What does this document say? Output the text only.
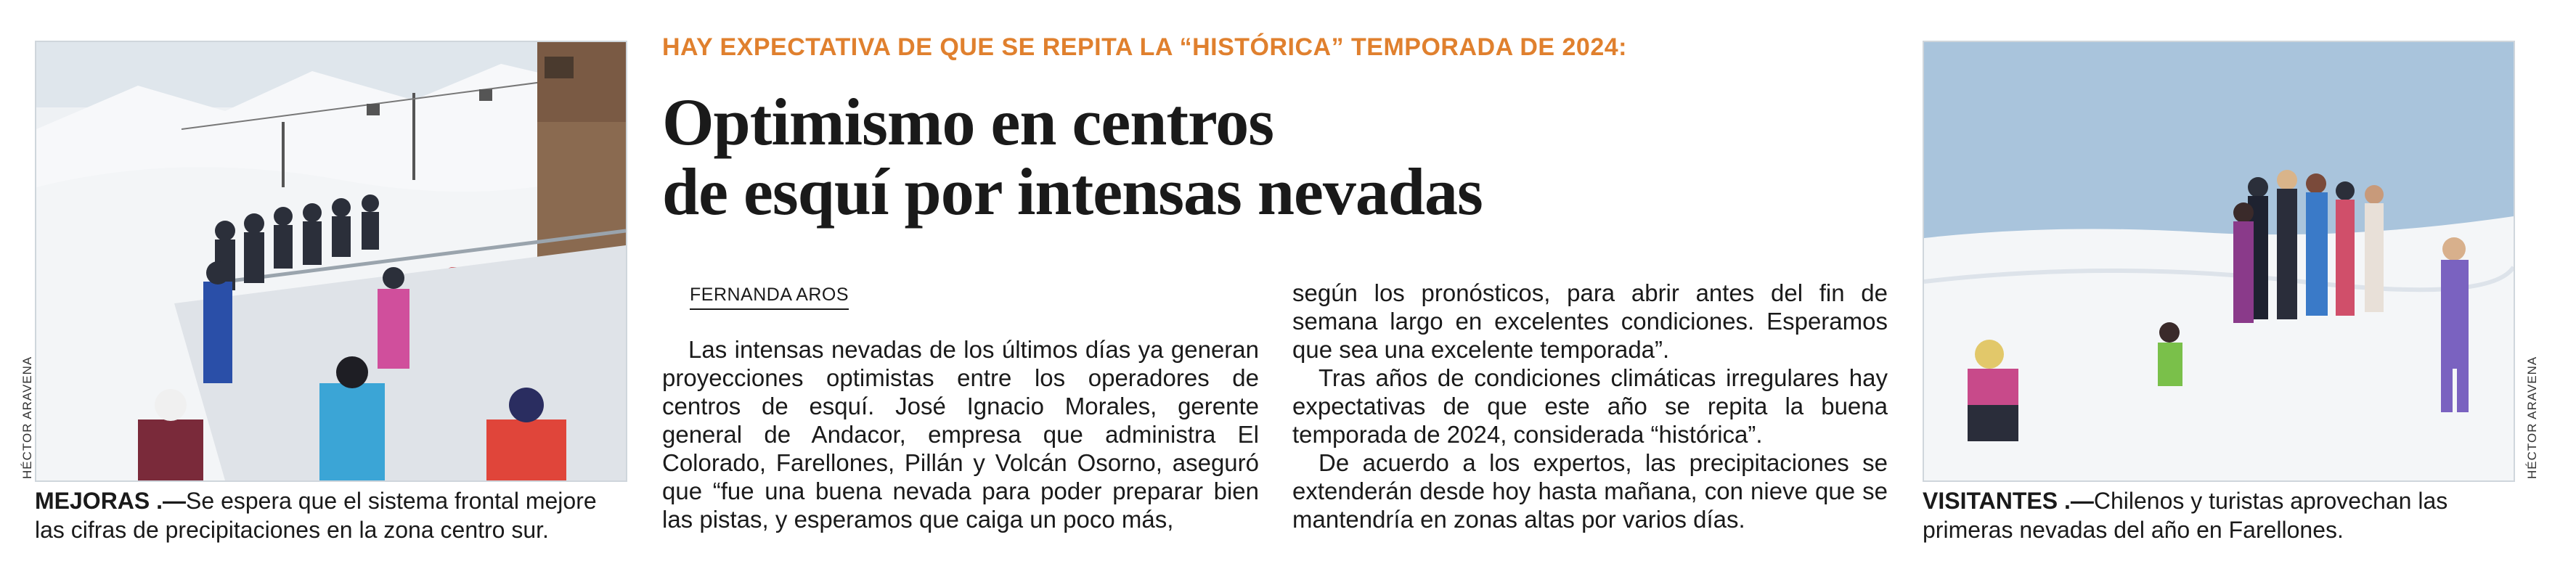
HÉCTOR ARAVENA
MEJORAS .—Se espera que el sistema frontal mejore las cifras de precipitaciones en la zona centro sur.
HAY EXPECTATIVA DE QUE SE REPITA LA “HISTÓRICA” TEMPORADA DE 2024:
Optimismo en centros
de esquí por intensas nevadas
FERNANDA AROS

Las intensas nevadas de los últimos días ya generan proyecciones optimistas entre los operadores de centros de esquí. José Ignacio Morales, gerente general de Andacor, empresa que administra El Colorado, Farellones, Pillán y Volcán Osorno, aseguró que “fue una buena nevada para poder preparar bien las pistas, y esperamos que caiga un poco más,

según los pronósticos, para abrir antes del fin de semana largo en excelentes condiciones. Esperamos que sea una excelente temporada”.

Tras años de condiciones climáticas irregulares hay expectativas de que este año se repita la buena temporada de 2024, considerada “histórica”.

De acuerdo a los expertos, las precipitaciones se extenderán desde hoy hasta mañana, con nieve que se mantendría en zonas altas por varios días.

HÉCTOR ARAVENA
VISITANTES .—Chilenos y turistas aprovechan las primeras nevadas del año en Farellones.
